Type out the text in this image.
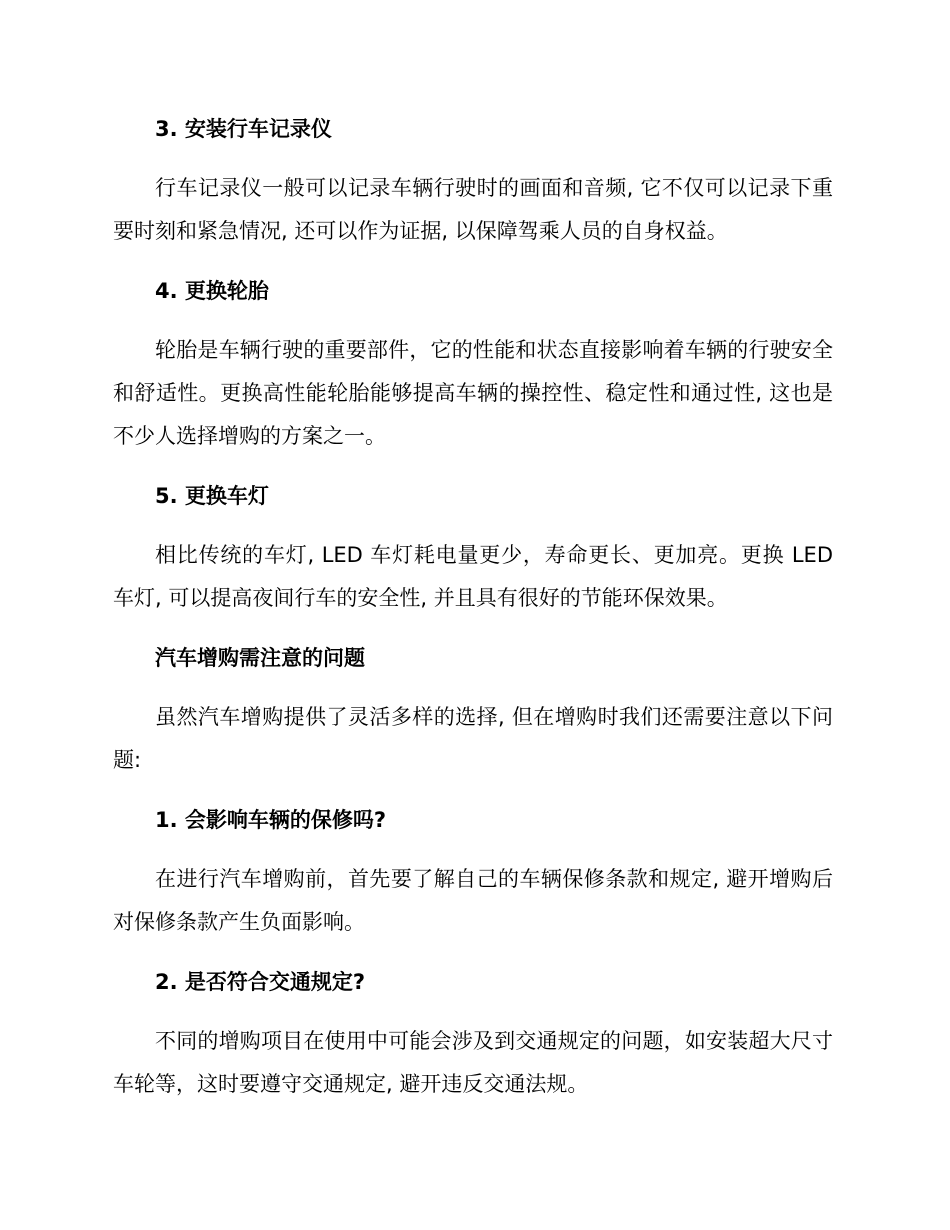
3. 安装行车记录仪

行车记录仪一般可以记录车辆行驶时的画面和音频, 它不仅可以记录下重要时刻和紧急情况, 还可以作为证据, 以保障驾乘人员的自身权益。

4. 更换轮胎

轮胎是车辆行驶的重要部件，它的性能和状态直接影响着车辆的行驶安全和舒适性。更换高性能轮胎能够提高车辆的操控性、稳定性和通过性, 这也是不少人选择增购的方案之一。

5. 更换车灯

相比传统的车灯, LED 车灯耗电量更少，寿命更长、更加亮。更换 LED 车灯, 可以提高夜间行车的安全性, 并且具有很好的节能环保效果。

汽车增购需注意的问题

虽然汽车增购提供了灵活多样的选择, 但在增购时我们还需要注意以下问题:

1. 会影响车辆的保修吗?

在进行汽车增购前，首先要了解自己的车辆保修条款和规定, 避开增购后对保修条款产生负面影响。

2. 是否符合交通规定?

不同的增购项目在使用中可能会涉及到交通规定的问题，如安装超大尺寸车轮等，这时要遵守交通规定, 避开违反交通法规。
